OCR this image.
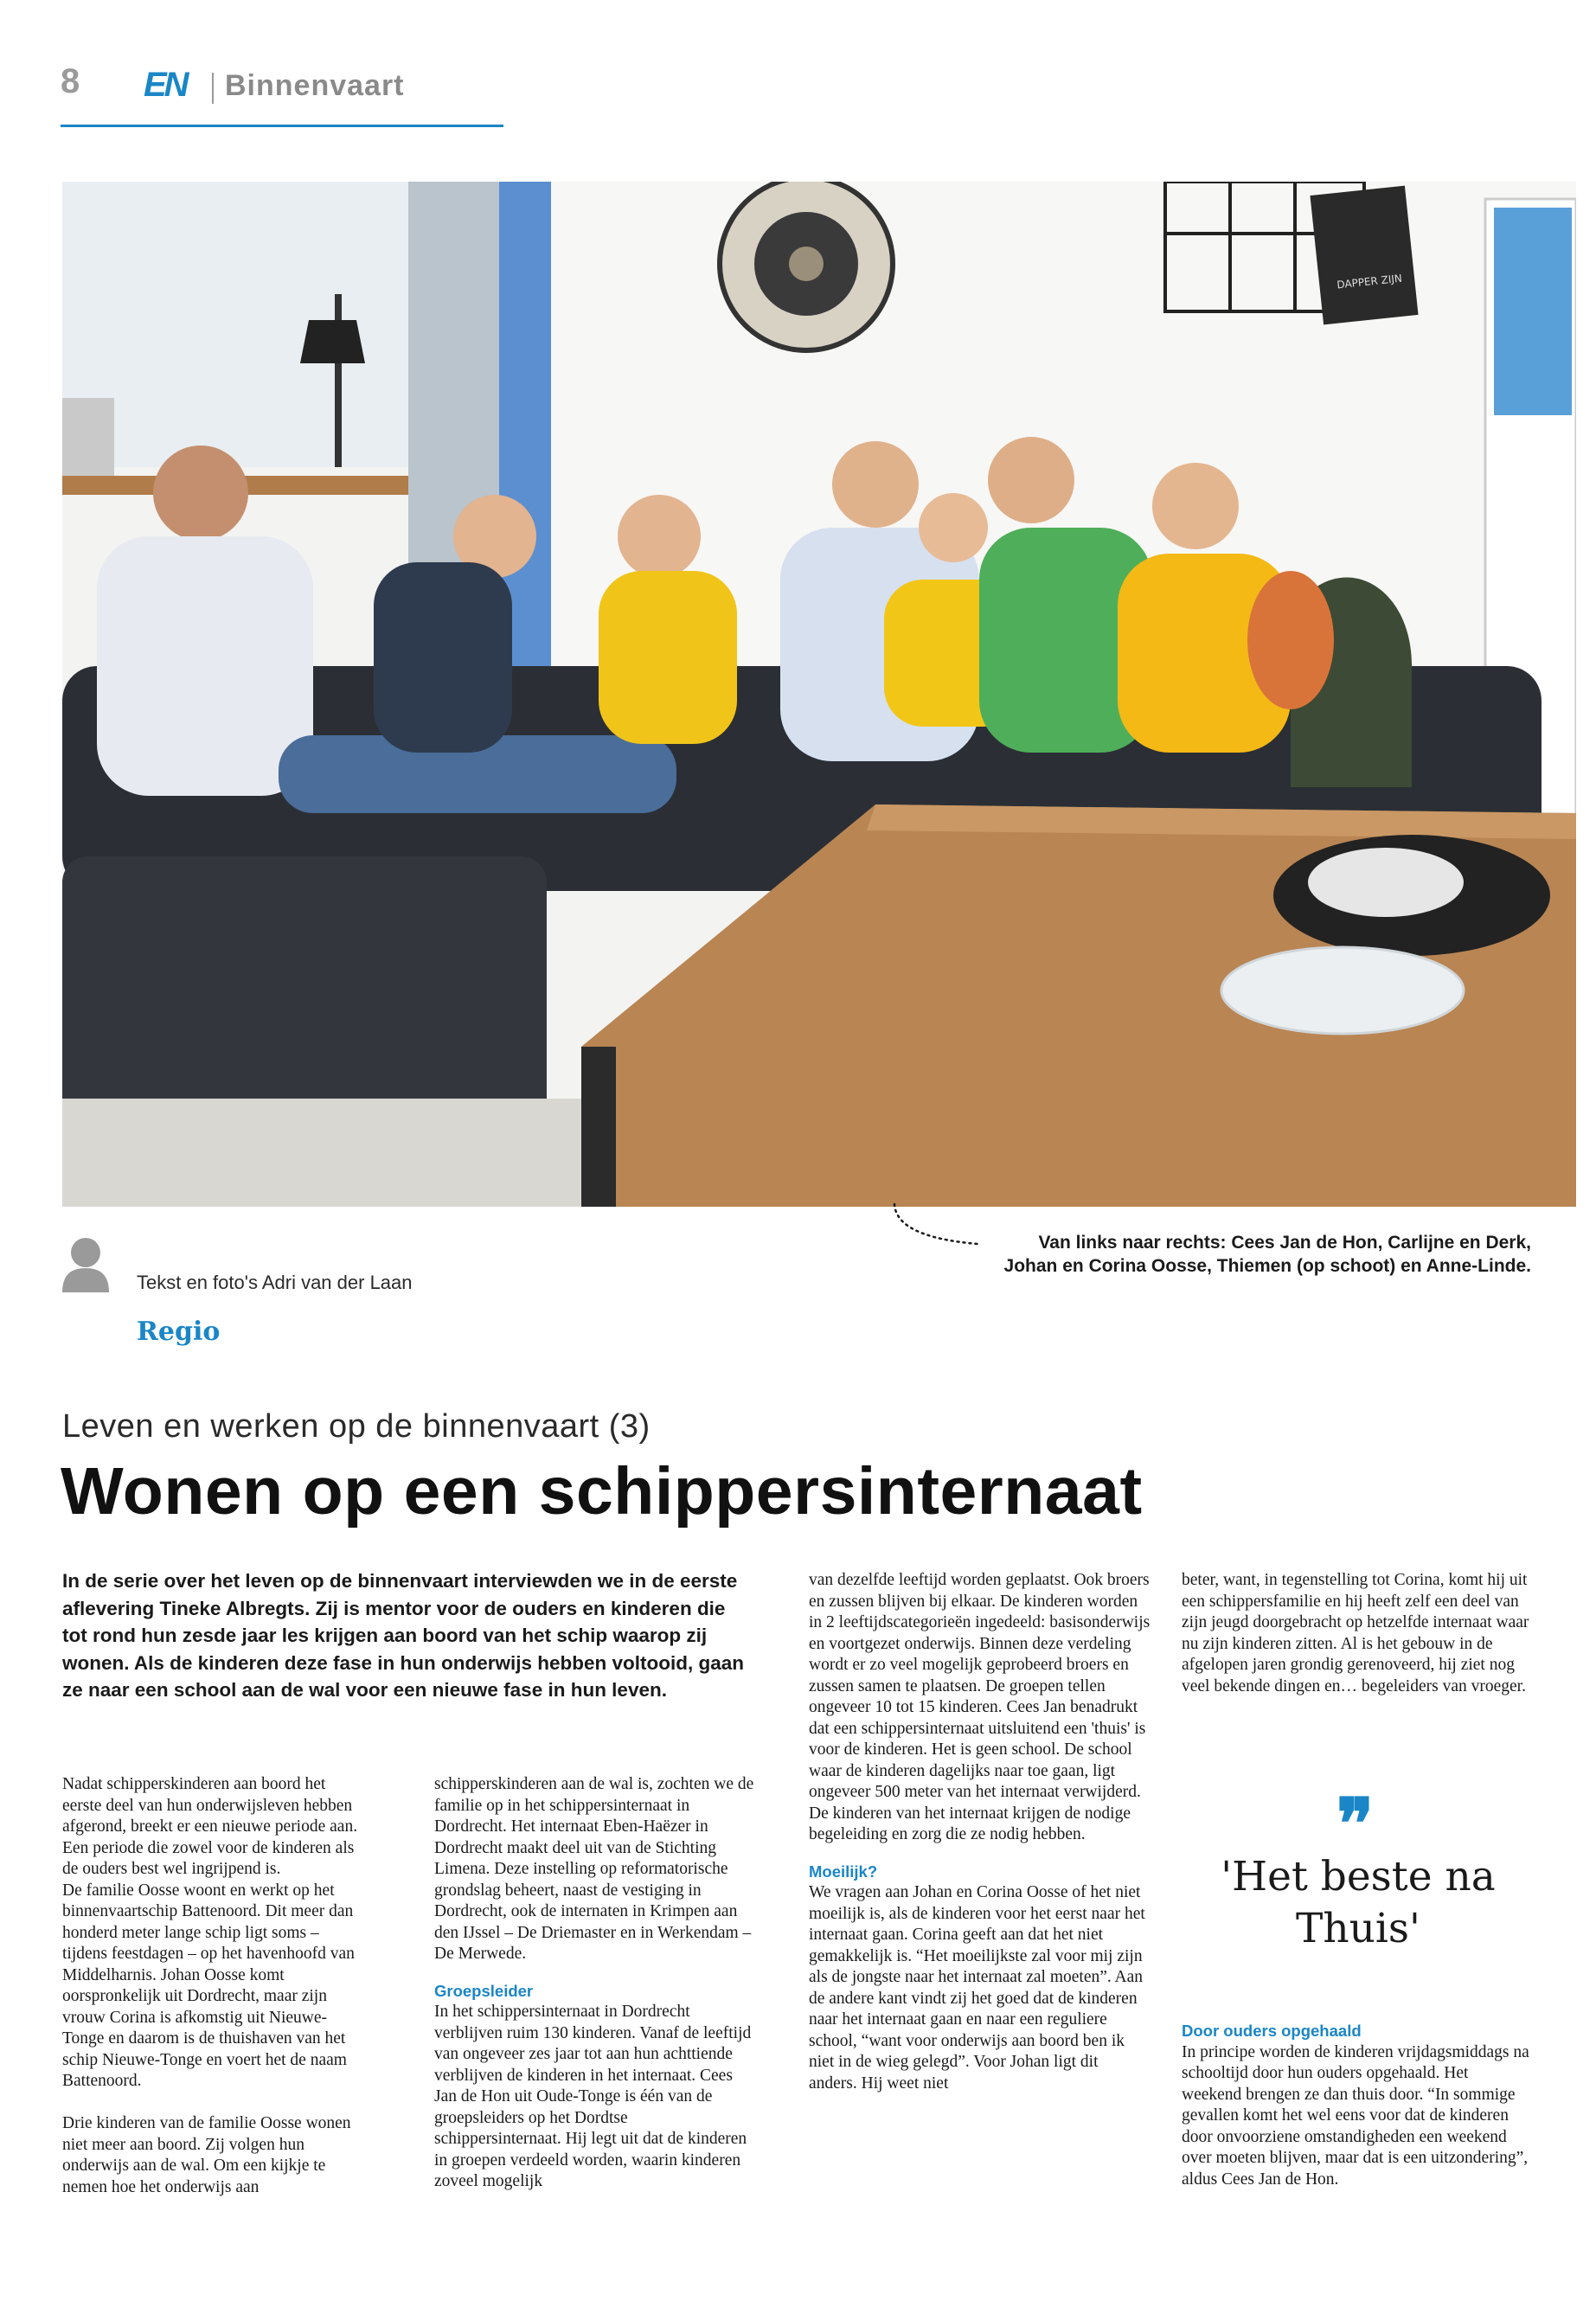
8 EN Binnenvaart
DAPPER ZIJN
Van links naar rechts: Cees Jan de Hon, Carlijne en Derk,
Johan en Corina Oosse, Thiemen (op schoot) en Anne-Linde.
Tekst en foto's Adri van der Laan
Regio
Leven en werken op de binnenvaart (3)
Wonen op een schippersinternaat
In de serie over het leven op de binnenvaart interviewden we in de eerste aflevering Tineke Albregts. Zij is mentor voor de ouders en kinderen die tot rond hun zesde jaar les krijgen aan boord van het schip waarop zij wonen. Als de kinderen deze fase in hun onderwijs hebben voltooid, gaan ze naar een school aan de wal voor een nieuwe fase in hun leven.

Nadat schipperskinderen aan boord het eerste deel van hun onderwijsleven hebben afgerond, breekt er een nieuwe periode aan. Een periode die zowel voor de kinderen als de ouders best wel ingrijpend is.

De familie Oosse woont en werkt op het binnenvaartschip Battenoord. Dit meer dan honderd meter lange schip ligt soms – tijdens feestdagen – op het havenhoofd van Middelharnis. Johan Oosse komt oorspronkelijk uit Dordrecht, maar zijn vrouw Corina is afkomstig uit Nieuwe-Tonge en daarom is de thuishaven van het schip Nieuwe-Tonge en voert het de naam Battenoord.

Drie kinderen van de familie Oosse wonen niet meer aan boord. Zij volgen hun onderwijs aan de wal. Om een kijkje te nemen hoe het onderwijs aan

schipperskinderen aan de wal is, zochten we de familie op in het schippersinternaat in Dordrecht. Het internaat Eben-Haëzer in Dordrecht maakt deel uit van de Stichting Limena. Deze instelling op reformatorische grondslag beheert, naast de vestiging in Dordrecht, ook de internaten in Krimpen aan den IJssel – De Driemaster en in Werkendam – De Merwede.

Groepsleider

In het schippersinternaat in Dordrecht verblijven ruim 130 kinderen. Vanaf de leeftijd van ongeveer zes jaar tot aan hun achttiende verblijven de kinderen in het internaat. Cees Jan de Hon uit Oude-Tonge is één van de groepsleiders op het Dordtse schippersinternaat. Hij legt uit dat de kinderen in groepen verdeeld worden, waarin kinderen zoveel mogelijk

van dezelfde leeftijd worden geplaatst. Ook broers en zussen blijven bij elkaar. De kinderen worden in 2 leeftijdscategorieën ingedeeld: basisonderwijs en voortgezet onderwijs. Binnen deze verdeling wordt er zo veel mogelijk geprobeerd broers en zussen samen te plaatsen. De groepen tellen ongeveer 10 tot 15 kinderen. Cees Jan benadrukt dat een schippersinternaat uitsluitend een 'thuis' is voor de kinderen. Het is geen school. De school waar de kinderen dagelijks naar toe gaan, ligt ongeveer 500 meter van het internaat verwijderd. De kinderen van het internaat krijgen de nodige begeleiding en zorg die ze nodig hebben.

Moeilijk?

We vragen aan Johan en Corina Oosse of het niet moeilijk is, als de kinderen voor het eerst naar het internaat gaan. Corina geeft aan dat het niet gemakkelijk is. “Het moeilijkste zal voor mij zijn als de jongste naar het internaat zal moeten”. Aan de andere kant vindt zij het goed dat de kinderen naar het internaat gaan en naar een reguliere school, “want voor onderwijs aan boord ben ik niet in de wieg gelegd”. Voor Johan ligt dit anders. Hij weet niet

beter, want, in tegenstelling tot Corina, komt hij uit een schippersfamilie en hij heeft zelf een deel van zijn jeugd doorgebracht op hetzelfde internaat waar nu zijn kinderen zitten. Al is het gebouw in de afgelopen jaren grondig gerenoveerd, hij ziet nog veel bekende dingen en… begeleiders van vroeger.

❞
'Het beste na Thuis'
Door ouders opgehaald

In principe worden de kinderen vrijdagsmiddags na schooltijd door hun ouders opgehaald. Het weekend brengen ze dan thuis door. “In sommige gevallen komt het wel eens voor dat de kinderen door onvoorziene omstandigheden een weekend over moeten blijven, maar dat is een uitzondering”, aldus Cees Jan de Hon.
